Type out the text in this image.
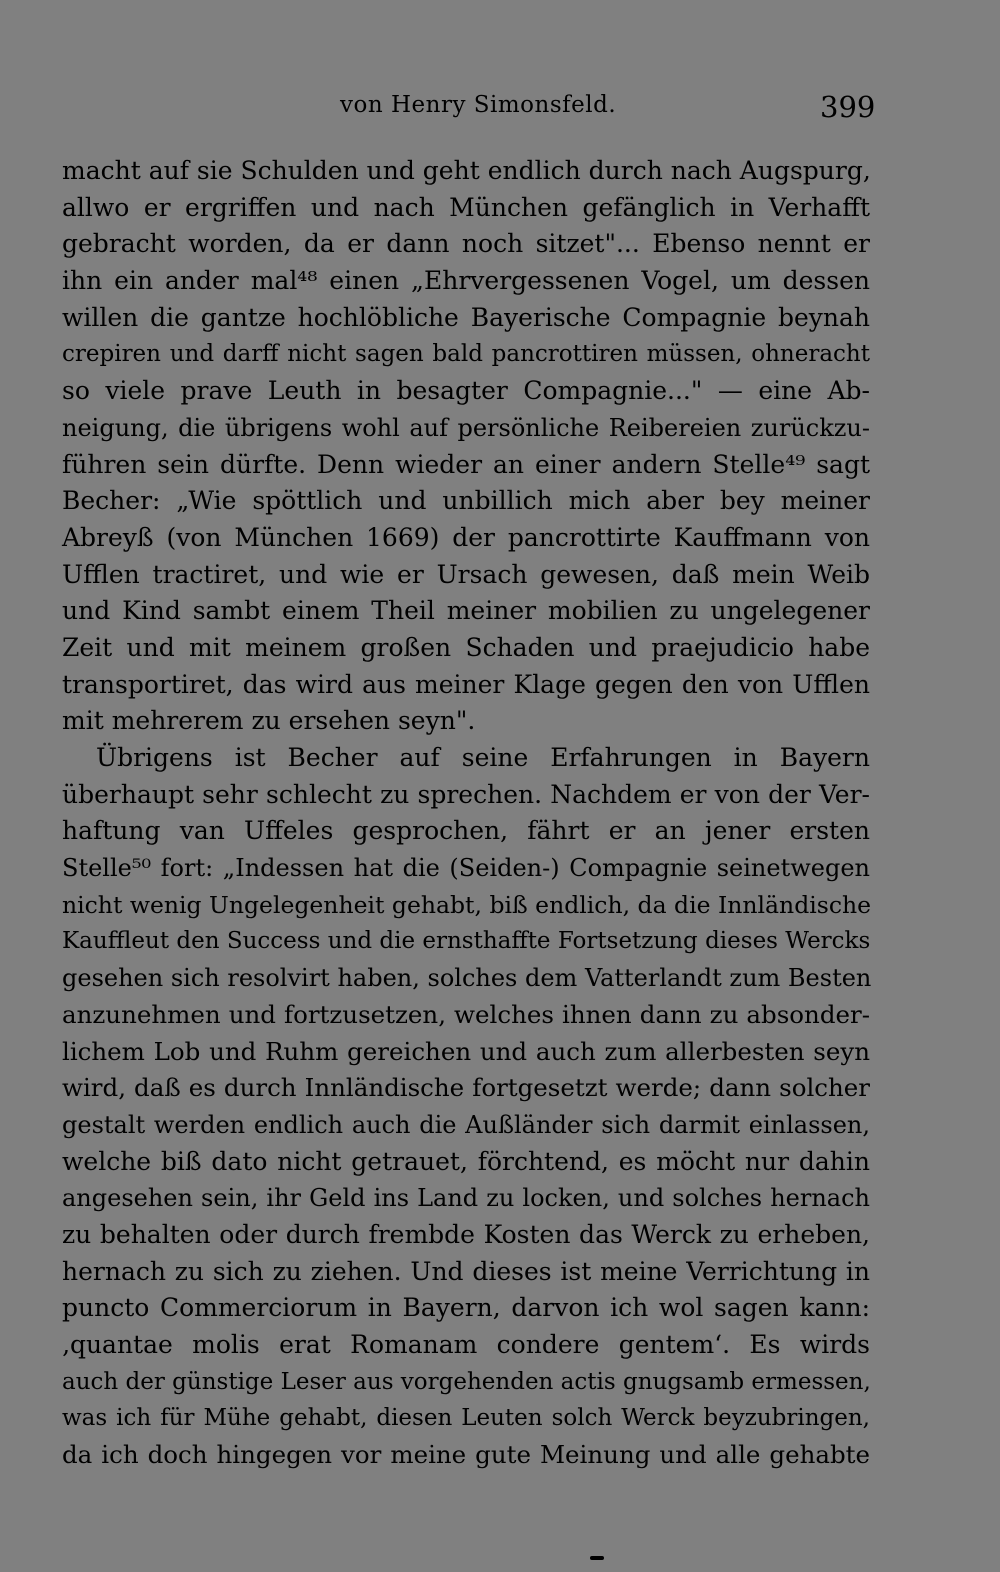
von Henry Simonsfeld.	399
macht auf sie Schulden und geht endlich durch nach Augspurg,
allwo er ergriffen und nach München gefänglich in Verhafft
gebracht worden, da er dann noch sitzet"... Ebenso nennt er
ihn ein ander mal⁴⁸ einen „Ehrvergessenen Vogel, um dessen
willen die gantze hochlöbliche Bayerische Compagnie beynah
crepiren und darff nicht sagen bald pancrottiren müssen, ohneracht
so viele prave Leuth in besagter Compagnie..." — eine Ab-
neigung, die übrigens wohl auf persönliche Reibereien zurückzu-
führen sein dürfte. Denn wieder an einer andern Stelle⁴⁹ sagt
Becher: „Wie spöttlich und unbillich mich aber bey meiner
Abreyß (von München 1669) der pancrottirte Kauffmann von
Ufflen tractiret, und wie er Ursach gewesen, daß mein Weib
und Kind sambt einem Theil meiner mobilien zu ungelegener
Zeit und mit meinem großen Schaden und praejudicio habe
transportiret, das wird aus meiner Klage gegen den von Ufflen
mit mehrerem zu ersehen seyn".
Übrigens ist Becher auf seine Erfahrungen in Bayern
überhaupt sehr schlecht zu sprechen. Nachdem er von der Ver-
haftung van Uffeles gesprochen, fährt er an jener ersten
Stelle⁵⁰ fort: „Indessen hat die (Seiden-) Compagnie seinetwegen
nicht wenig Ungelegenheit gehabt, biß endlich, da die Innländische
Kauffleut den Success und die ernsthaffte Fortsetzung dieses Wercks
gesehen sich resolvirt haben, solches dem Vatterlandt zum Besten
anzunehmen und fortzusetzen, welches ihnen dann zu absonder-
lichem Lob und Ruhm gereichen und auch zum allerbesten seyn
wird, daß es durch Innländische fortgesetzt werde; dann solcher
gestalt werden endlich auch die Außländer sich darmit einlassen,
welche biß dato nicht getrauet, förchtend, es möcht nur dahin
angesehen sein, ihr Geld ins Land zu locken, und solches hernach
zu behalten oder durch frembde Kosten das Werck zu erheben,
hernach zu sich zu ziehen. Und dieses ist meine Verrichtung in
puncto Commerciorum in Bayern, darvon ich wol sagen kann:
‚quantae molis erat Romanam condere gentem‘. Es wirds
auch der günstige Leser aus vorgehenden actis gnugsamb ermessen,
was ich für Mühe gehabt, diesen Leuten solch Werck beyzubringen,
da ich doch hingegen vor meine gute Meinung und alle gehabte
